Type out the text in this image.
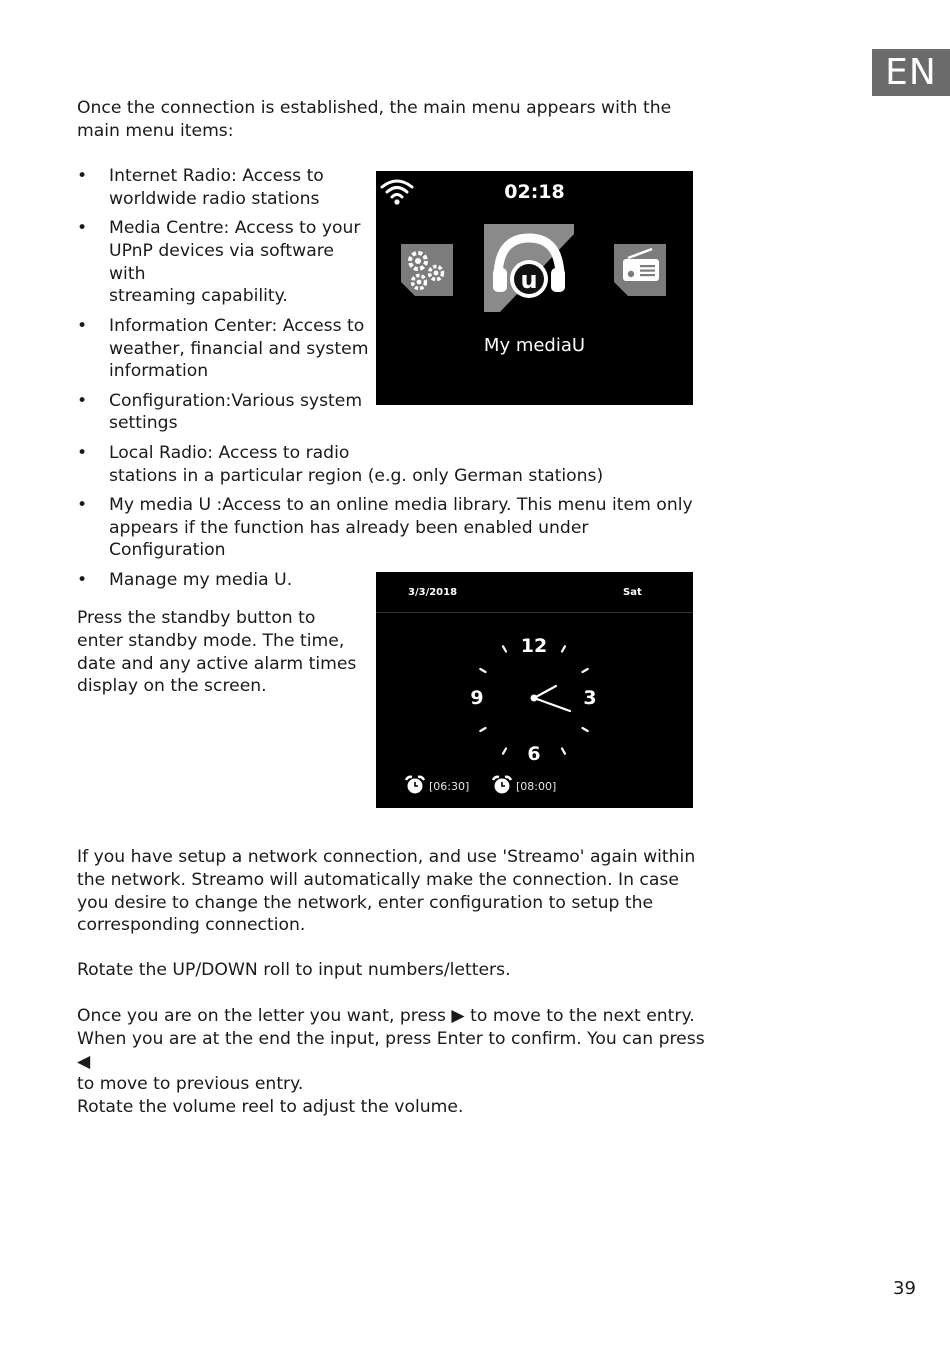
EN

Once the connection is established, the main menu appears with the main menu items:

• Internet Radio: Access to
worldwide radio stations
• Media Centre: Access to your
UPnP devices via software with
streaming capability.
• Information Center: Access to
weather, financial and system
information
• Configuration:Various system
settings
• Local Radio: Access to radio
stations in a particular region (e.g. only German stations)
• My media U :Access to an online media library. This menu item only
appears if the function has already been enabled under Configuration
• Manage my media U.
02:18
u
My mediaU

Press the standby button to
enter standby mode. The time,
date and any active alarm times
display on the screen.

3/3/2018	Sat
12
3
6
9
[06:30]	[08:00]

If you have setup a network connection, and use 'Streamo' again within
the network. Streamo will automatically make the connection. In case
you desire to change the network, enter configuration to setup the
corresponding connection.

Rotate the UP/DOWN roll to input numbers/letters.

Once you are on the letter you want, press ▶ to move to the next entry.
When you are at the end the input, press Enter to confirm. You can press ◀
to move to previous entry.

Rotate the volume reel to adjust the volume.

39
